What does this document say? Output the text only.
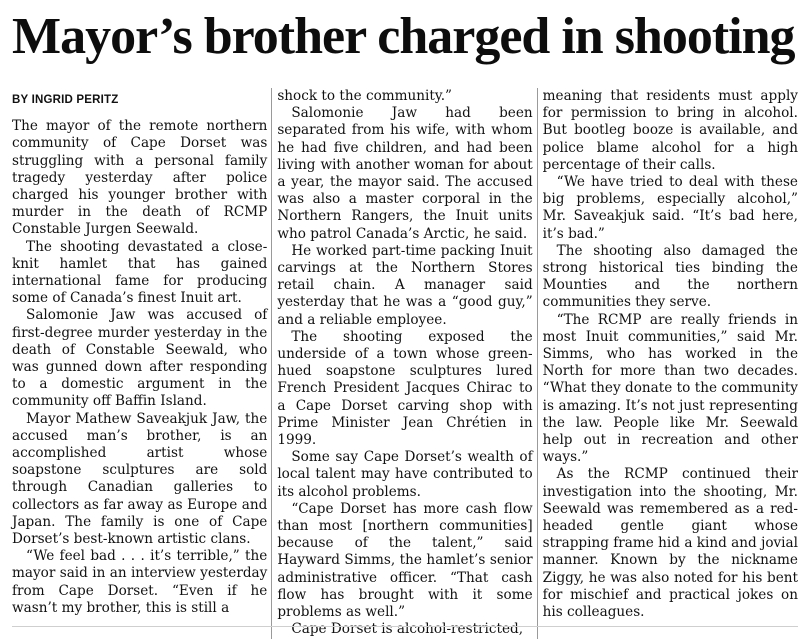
Mayor’s brother charged in shooting
BY INGRID PERITZ

The mayor of the remote northern community of Cape Dorset was struggling with a personal family tragedy yesterday after police charged his younger brother with murder in the death of RCMP Constable Jurgen Seewald.

The shooting devastated a close-knit hamlet that has gained international fame for producing some of Canada’s finest Inuit art.

Salomonie Jaw was accused of first-degree murder yesterday in the death of Constable Seewald, who was gunned down after responding to a domestic argument in the community off Baffin Island.

Mayor Mathew Saveakjuk Jaw, the accused man’s brother, is an accomplished artist whose soapstone sculptures are sold through Canadian galleries to collectors as far away as Europe and Japan. The family is one of Cape Dorset’s best-known artistic clans.

“We feel bad . . . it’s terrible,” the mayor said in an interview yesterday from Cape Dorset. “Even if he wasn’t my brother, this is still a

shock to the community.”

Salomonie Jaw had been separated from his wife, with whom he had five children, and had been living with another woman for about a year, the mayor said. The accused was also a master corporal in the Northern Rangers, the Inuit units who patrol Canada’s Arctic, he said.

He worked part-time packing Inuit carvings at the Northern Stores retail chain. A manager said yesterday that he was a “good guy,” and a reliable employee.

The shooting exposed the underside of a town whose green-hued soapstone sculptures lured French President Jacques Chirac to a Cape Dorset carving shop with Prime Minister Jean Chrétien in 1999.

Some say Cape Dorset’s wealth of local talent may have contributed to its alcohol problems.

“Cape Dorset has more cash flow than most [northern communities] because of the talent,” said Hayward Simms, the hamlet’s senior administrative officer. “That cash flow has brought with it some problems as well.”

Cape Dorset is alcohol-restricted,

meaning that residents must apply for permission to bring in alcohol. But bootleg booze is available, and police blame alcohol for a high percentage of their calls.

“We have tried to deal with these big problems, especially alcohol,” Mr. Saveakjuk said. “It’s bad here, it’s bad.”

The shooting also damaged the strong historical ties binding the Mounties and the northern communities they serve.

“The RCMP are really friends in most Inuit communities,” said Mr. Simms, who has worked in the North for more than two decades. “What they donate to the community is amazing. It’s not just representing the law. People like Mr. Seewald help out in recreation and other ways.”

As the RCMP continued their investigation into the shooting, Mr. Seewald was remembered as a red-headed gentle giant whose strapping frame hid a kind and jovial manner. Known by the nickname Ziggy, he was also noted for his bent for mischief and practical jokes on his colleagues.
